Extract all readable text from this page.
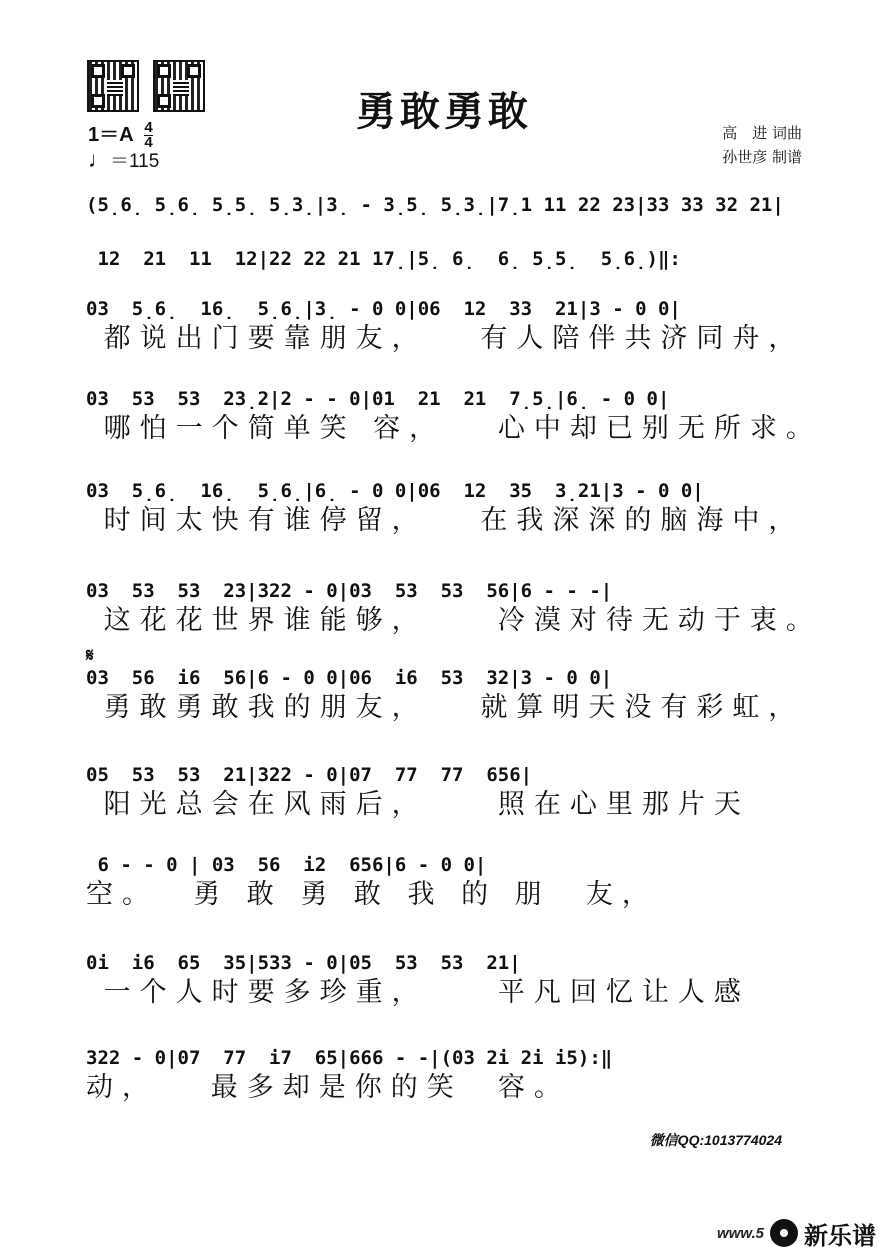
勇敢勇敢
$1=A \frac{4}{4}$
♩＝115
高　进 词曲
孙世彦 制谱
(5̣6̣ 5̣6̣ 5̣5̣ 5̣3̣|3̣ - 3̣5̣ 5̣3̣|7̣1 11 22 23|33 33 32 21|
12  21  11  12|22 22 21 17̣|5̣ 6̣  6̣ 5̣5̣  5̣6̣)‖:
03  5̣6̣  16̣  5̣6̣|3̣ - 0 0|06  12  33  21|3 - 0 0|
都说出门要靠朋友，   有人陪伴共济同舟，
03  53  53  23̣2|2 - - 0|01  21  21  7̣5̣|6̣ - 0 0|
哪怕一个简单笑 容，   心中却已别无所求。
03  5̣6̣  16̣  5̣6̣|6̣ - 0 0|06  12  35  3̣21|3 - 0 0|
时间太快有谁停留，   在我深深的脑海中，
03  53  53  23|322 - 0|03  53  53  56|6 - - -|
这花花世界谁能够，    冷漠对待无动于衷。
𝄋
03  56  i6  56|6 - 0 0|06  i6  53  32|3 - 0 0|
勇敢勇敢我的朋友，   就算明天没有彩虹，
05  53  53  21|322 - 0|07  77  77  656|
阳光总会在风雨后，    照在心里那片天
6 - - 0 | 03  56  i2  656|6 - 0 0|
空。  勇 敢 勇 敢 我 的 朋  友，
0i  i6  65  35|533 - 0|05  53  53  21|
一个人时要多珍重，    平凡回忆让人感
322 - 0|07  77  i7  65|666 - -|(03 2i 2i i5):‖
动，   最多却是你的笑  容。
微信QQ:1013774024
www.5 新乐谱
